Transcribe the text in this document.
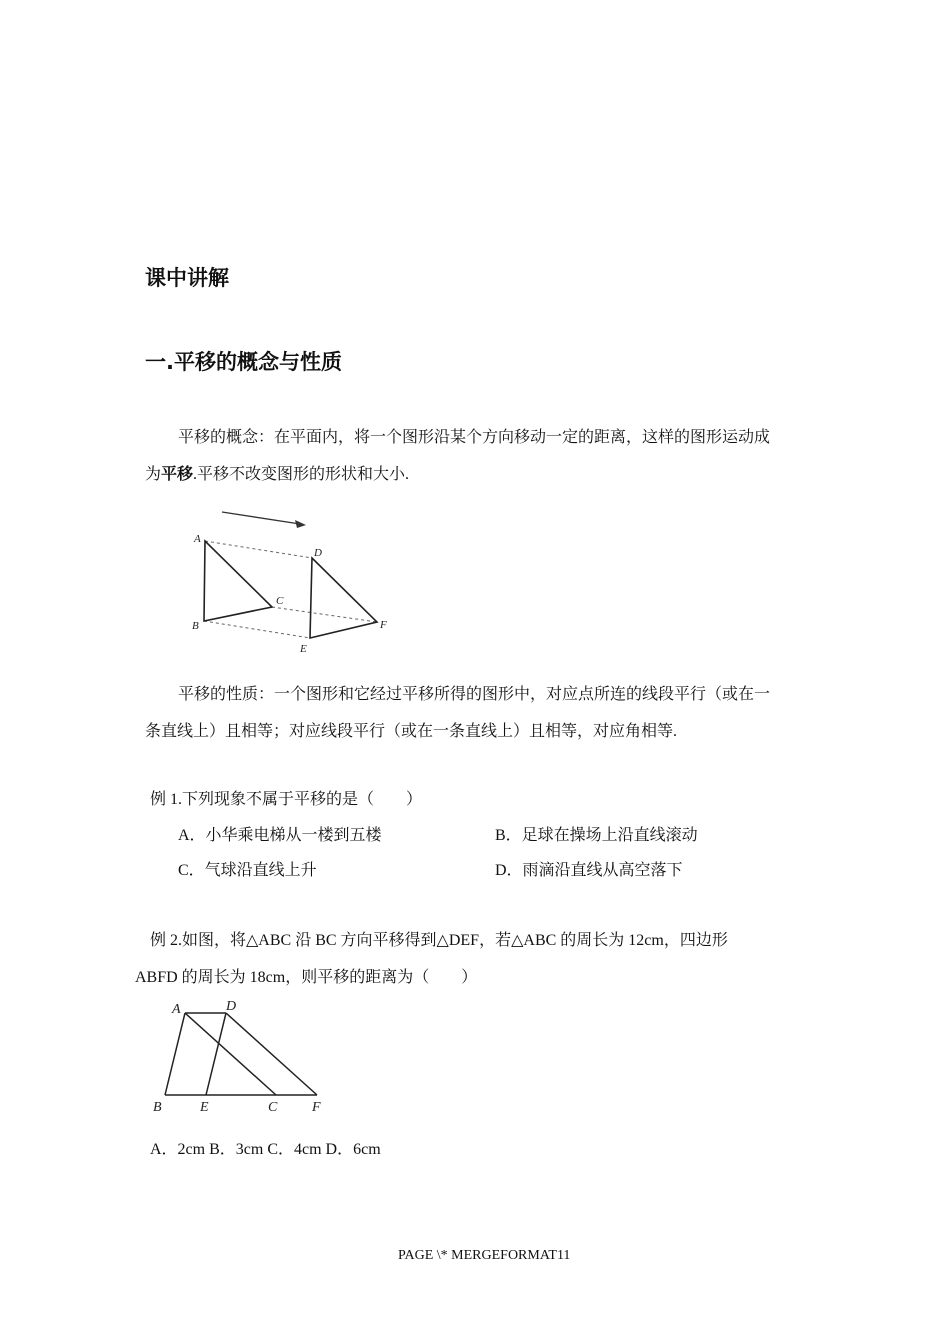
课中讲解
一.平移的概念与性质
平移的概念：在平面内，将一个图形沿某个方向移动一定的距离，这样的图形运动成
为平移.平移不改变图形的形状和大小.
A
B
C
D
E
F
平移的性质：一个图形和它经过平移所得的图形中，对应点所连的线段平行（或在一
条直线上）且相等；对应线段平行（或在一条直线上）且相等，对应角相等.
例 1.下列现象不属于平移的是（　　）
A．小华乘电梯从一楼到五楼	B．足球在操场上沿直线滚动
C．气球沿直线上升	D．雨滴沿直线从高空落下
例 2.如图，将△ABC 沿 BC 方向平移得到△DEF，若△ABC 的周长为 12cm，四边形
ABFD 的周长为 18cm，则平移的距离为（　　）
A	D
B	E	C F
A．2cm B．3cm C．4cm D．6cm
PAGE \* MERGEFORMAT11
